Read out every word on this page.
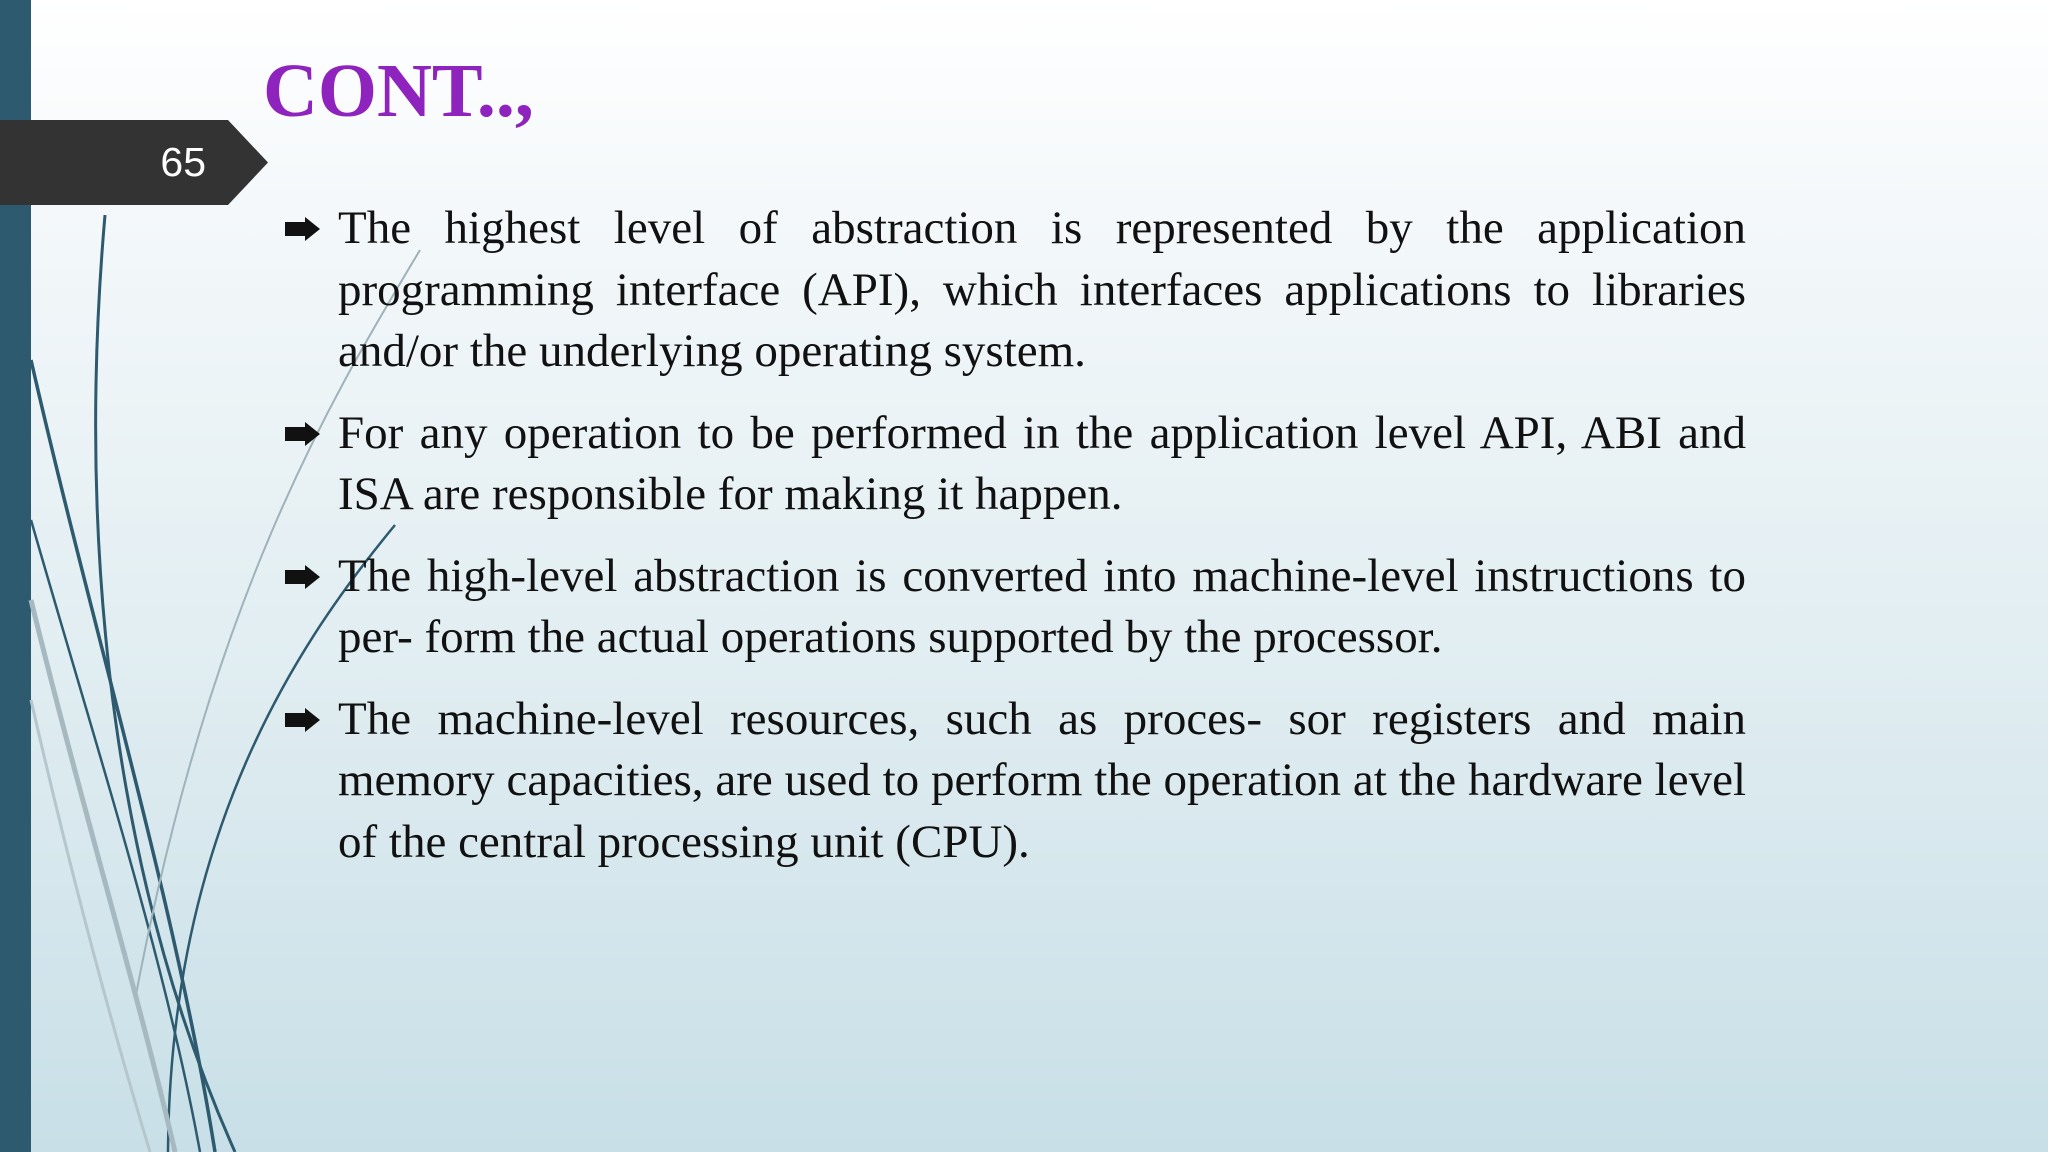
65
CONT..,
The highest level of abstraction is represented by the application programming interface (API), which interfaces applications to libraries and/or the underlying operating system.
For any operation to be performed in the application level API, ABI and ISA are responsible for making it happen.
The high-level abstraction is converted into machine-level instructions to per- form the actual operations supported by the processor.
The machine-level resources, such as proces- sor registers and main memory capacities, are used to perform the operation at the hardware level of the central processing unit (CPU).
